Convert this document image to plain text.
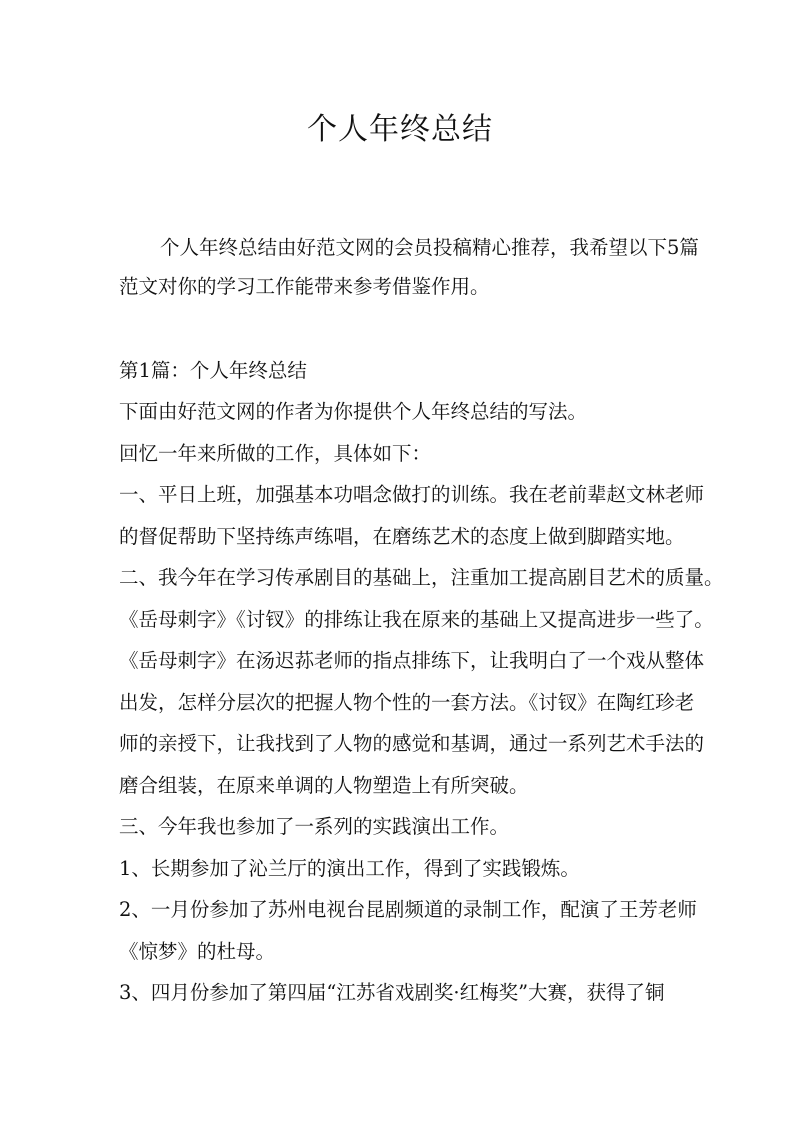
个人年终总结
个人年终总结由好范文网的会员投稿精心推荐，我希望以下5篇
范文对你的学习工作能带来参考借鉴作用。
第1篇：个人年终总结
下面由好范文网的作者为你提供个人年终总结的写法。
回忆一年来所做的工作，具体如下：
一、平日上班，加强基本功唱念做打的训练。我在老前辈赵文林老师
的督促帮助下坚持练声练唱，在磨练艺术的态度上做到脚踏实地。
二、我今年在学习传承剧目的基础上，注重加工提高剧目艺术的质量。
《岳母刺字》《讨钗》的排练让我在原来的基础上又提高进步一些了。
《岳母刺字》在汤迟荪老师的指点排练下，让我明白了一个戏从整体
出发，怎样分层次的把握人物个性的一套方法。《讨钗》在陶红珍老
师的亲授下，让我找到了人物的感觉和基调，通过一系列艺术手法的
磨合组装，在原来单调的人物塑造上有所突破。
三、今年我也参加了一系列的实践演出工作。
1、长期参加了沁兰厅的演出工作，得到了实践锻炼。
2、一月份参加了苏州电视台昆剧频道的录制工作，配演了王芳老师
《惊梦》的杜母。
3、四月份参加了第四届“江苏省戏剧奖·红梅奖”大赛，获得了铜
